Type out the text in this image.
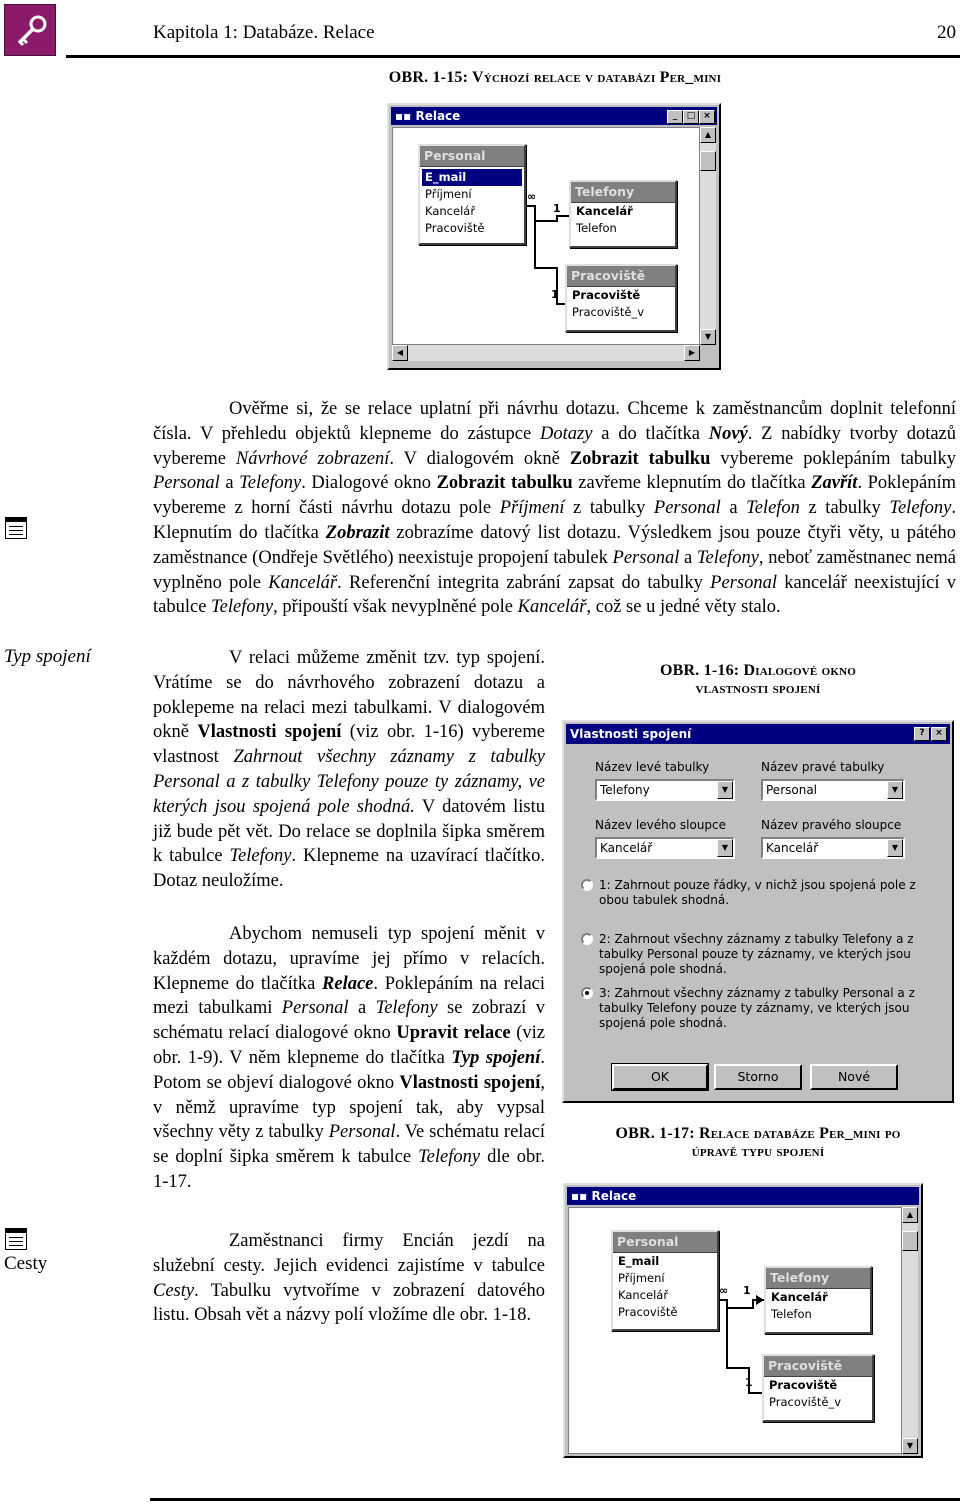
Kapitola 1: Databáze. Relace	20
OBR. 1-15: Výchozí relace v databázi Per_mini
▪▪ Relace	_	□ ×
∞
1
1
Personal
E_mail
Příjmení
Kancelář
Pracoviště
Telefony
Kancelář
Telefon
Pracoviště
Pracoviště
Pracoviště_v
▲
▼
◀	▶
Ověřme si, že se relace uplatní při návrhu dotazu. Chceme k zaměstnancům doplnit telefonní čísla. V přehledu objektů klepneme do zástupce Dotazy a do tlačítka Nový. Z nabídky tvorby dotazů vybereme Návrhové zobrazení. V dialogovém okně Zobrazit tabulku vybereme poklepáním tabulky Personal a Telefony. Dialogové okno Zobrazit tabulku zavřeme klepnutím do tlačítka Zavřít. Poklepáním vybereme z horní části návrhu dotazu pole Příjmení z tabulky Personal a Telefon z tabulky Telefony. Klepnutím do tlačítka Zobrazit zobrazíme datový list dotazu. Výsledkem jsou pouze čtyři věty, u pátého zaměstnance (Ondřeje Světlého) neexistuje propojení tabulek Personal a Telefony, neboť zaměstnanec nemá vyplněno pole Kancelář. Referenční integrita zabrání zapsat do tabulky Personal kancelář neexistující v tabulce Telefony, připouští však nevyplněné pole Kancelář, což se u jedné věty stalo.
Typ spojení
Cesty
V relaci můžeme změnit tzv. typ spojení. Vrátíme se do návrhového zobrazení dotazu a poklepeme na relaci mezi tabulkami. V dialogovém okně Vlastnosti spojení (viz obr. 1-16) vybereme vlastnost Zahrnout všechny záznamy z tabulky Personal a z tabulky Telefony pouze ty záznamy, ve kterých jsou spojená pole shodná. V datovém listu již bude pět vět. Do relace se doplnila šipka směrem k tabulce Telefony. Klepneme na uzavírací tlačítko. Dotaz neuložíme.
Abychom nemuseli typ spojení měnit v každém dotazu, upravíme jej přímo v relacích. Klepneme do tlačítka Relace. Poklepáním na relaci mezi tabulkami Personal a Telefony se zobrazí v schématu relací dialogové okno Upravit relace (viz obr. 1-9). V něm klepneme do tlačítka Typ spojení. Potom se objeví dialogové okno Vlastnosti spojení, v němž upravíme typ spojení tak, aby vypsal všechny věty z tabulky Personal. Ve schématu relací se doplní šipka směrem k tabulce Telefony dle obr. 1-17.
Zaměstnanci firmy Encián jezdí na služební cesty. Jejich evidenci zajistíme v tabulce Cesty. Tabulku vytvoříme v zobrazení datového listu. Obsah vět a názvy polí vložíme dle obr. 1-18.
OBR. 1-16: Dialogové okno
vlastnosti spojení
Vlastnosti spojení	?	×
Název levé tabulky
Telefony	▼
Název pravé tabulky
Personal	▼
Název levého sloupce
Kancelář	▼
Název pravého sloupce
Kancelář	▼
1: Zahrnout pouze řádky, v nichž jsou spojená pole z obou tabulek shodná.
2: Zahrnout všechny záznamy z tabulky Telefony a z tabulky Personal pouze ty záznamy, ve kterých jsou spojená pole shodná.
3: Zahrnout všechny záznamy z tabulky Personal a z tabulky Telefony pouze ty záznamy, ve kterých jsou spojená pole shodná.
OK	Storno	Nové
OBR. 1-17: Relace databáze Per_mini po
úpravě typu spojení
▪▪ Relace
∞ 1
1
Personal
E_mail
Příjmení
Kancelář
Pracoviště
Telefony
Kancelář
Telefon
Pracoviště
Pracoviště
Pracoviště_v
▲
▼
